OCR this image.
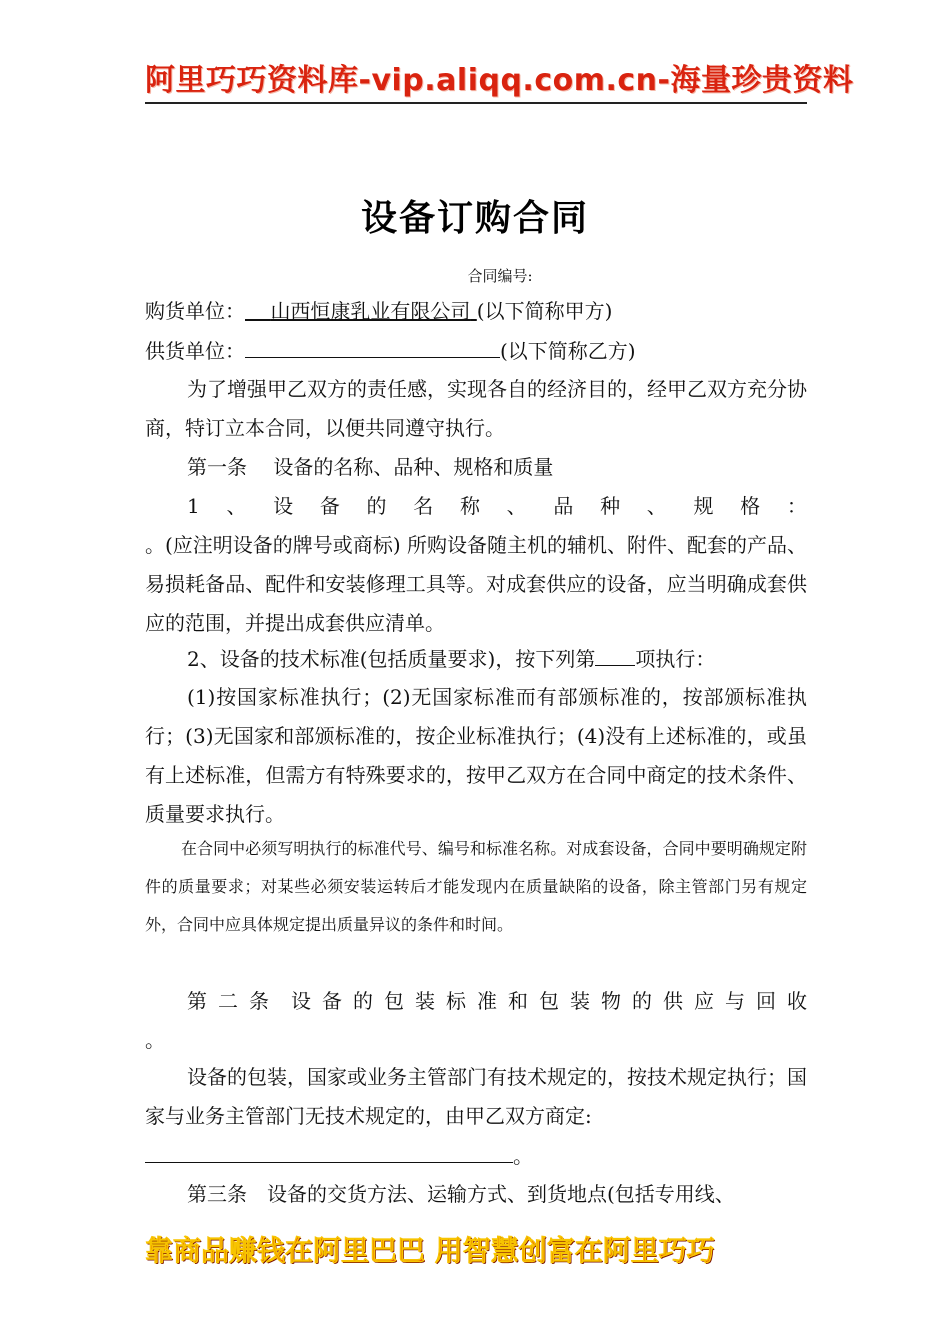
阿里巧巧资料库-vip.aliqq.com.cn-海量珍贵资料
设备订购合同
合同编号:
购货单位： 山西恒康乳业有限公司 (以下简称甲方)
供货单位：	(以下简称乙方)
为了增强甲乙双方的责任感，实现各自的经济目的，经甲乙双方充分协商，特订立本合同，以便共同遵守执行。
第一条　 设备的名称、品种、规格和质量
1 、 设 备 的 名 称 、 品 种 、 规 格 ：
。(应注明设备的牌号或商标) 所购设备随主机的辅机、附件、配套的产品、易损耗备品、配件和安装修理工具等。对成套供应的设备，应当明确成套供应的范围，并提出成套供应清单。
2、设备的技术标准(包括质量要求)，按下列第 项执行：
(1)按国家标准执行；(2)无国家标准而有部颁标准的，按部颁标准执行；(3)无国家和部颁标准的，按企业标准执行；(4)没有上述标准的，或虽有上述标准，但需方有特殊要求的，按甲乙双方在合同中商定的技术条件、质量要求执行。
在合同中必须写明执行的标准代号、编号和标准名称。对成套设备，合同中要明确规定附件的质量要求；对某些必须安装运转后才能发现内在质量缺陷的设备，除主管部门另有规定外，合同中应具体规定提出质量异议的条件和时间。
第 二 条 设 备 的 包 装 标 准 和 包 装 物 的 供 应 与 回 收
。
设备的包装，国家或业务主管部门有技术规定的，按技术规定执行；国家与业务主管部门无技术规定的，由甲乙双方商定:
。
第三条　设备的交货方法、运输方式、到货地点(包括专用线、
靠商品赚钱在阿里巴巴 用智慧创富在阿里巧巧
